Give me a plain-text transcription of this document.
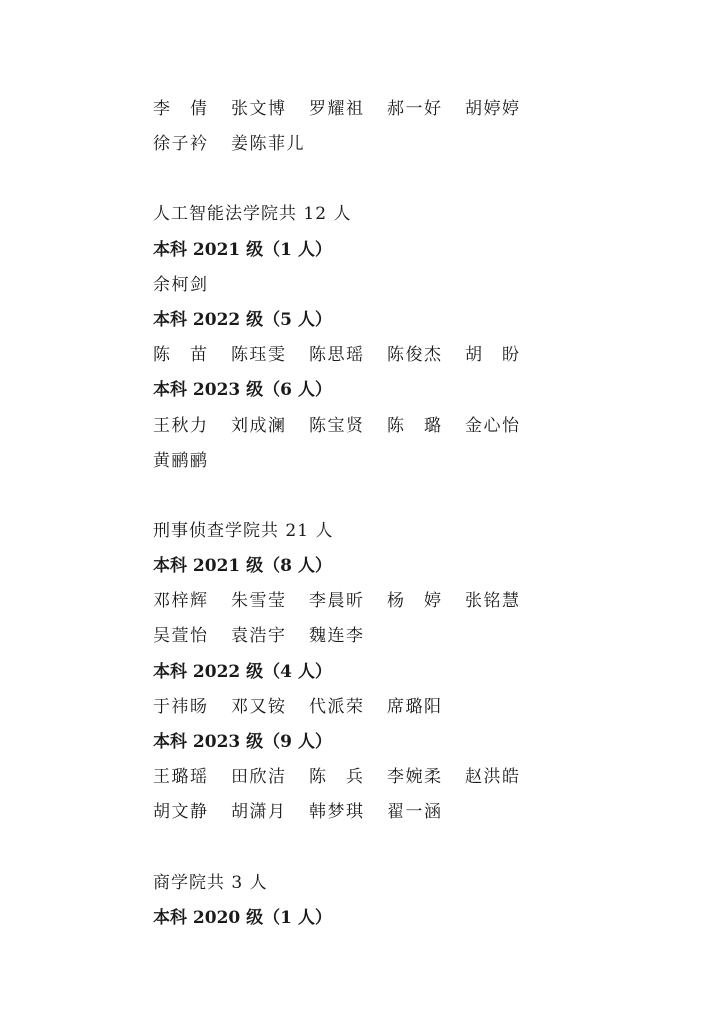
李　倩	张文博	罗耀祖	郝一好	胡婷婷
徐子衿	姜陈菲儿
人工智能法学院共 12 人
本科 2021 级（1 人）
余柯剑
本科 2022 级（5 人）
陈　苗	陈珏雯	陈思瑶	陈俊杰	胡　盼
本科 2023 级（6 人）
王秋力	刘成澜	陈宝贤	陈　璐	金心怡
黄鹂鹂
刑事侦查学院共 21 人
本科 2021 级（8 人）
邓梓辉	朱雪莹	李晨昕	杨　婷	张铭慧
吴萱怡	袁浩宇	魏连李
本科 2022 级（4 人）
于祎旸	邓又铵	代派荣	席璐阳
本科 2023 级（9 人）
王璐瑶	田欣洁	陈　兵	李婉柔	赵洪皓
胡文静	胡潇月	韩梦琪	翟一涵
商学院共 3 人
本科 2020 级（1 人）
